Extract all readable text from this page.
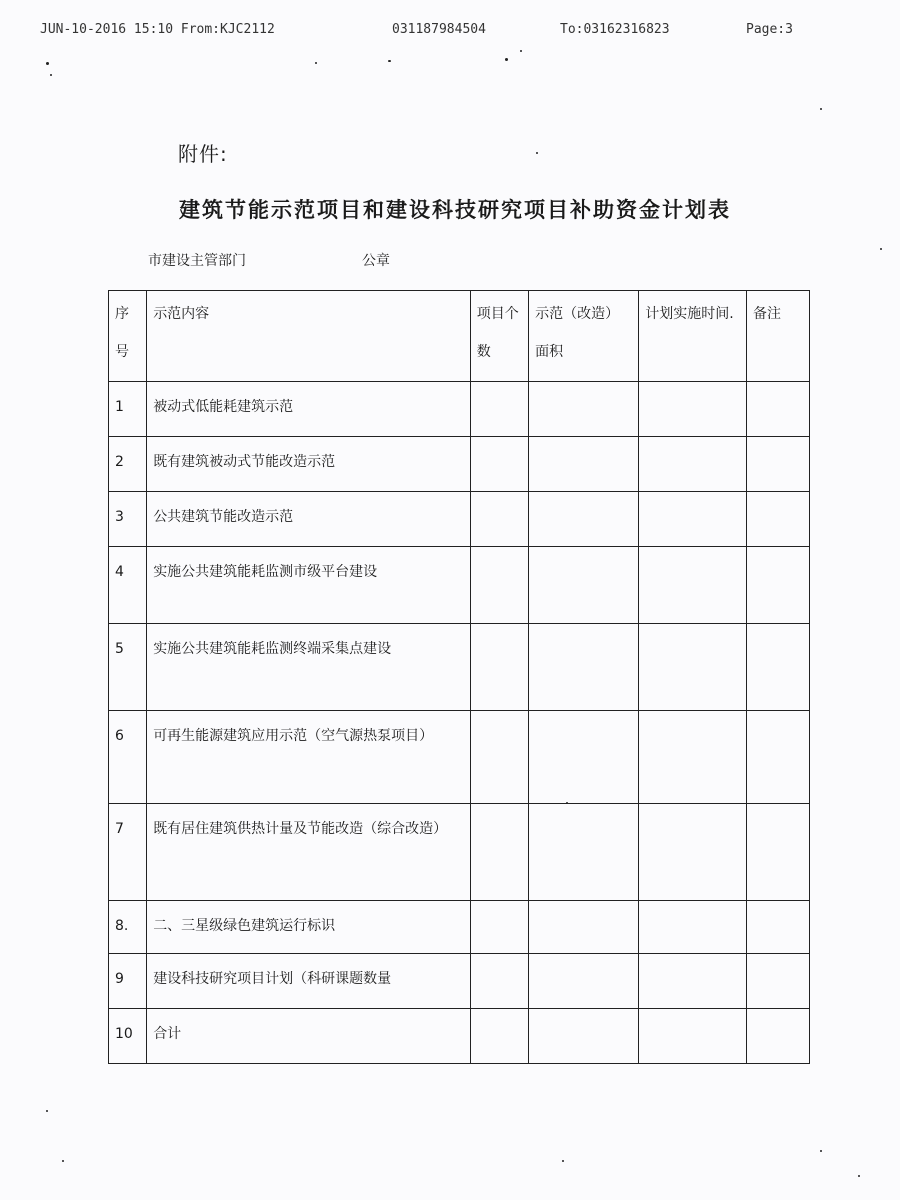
JUN-10-2016 15:10 From:KJC2112	031187984504	To:03162316823	Page:3
附件:
建筑节能示范项目和建设科技研究项目补助资金计划表
市建设主管部门	公章
序号	示范内容	项目个数	示范（改造）面积	计划实施时间.	备注
1	被动式低能耗建筑示范				
2	既有建筑被动式节能改造示范				
3	公共建筑节能改造示范				
4	实施公共建筑能耗监测市级平台建设				
5	实施公共建筑能耗监测终端采集点建设				
6	可再生能源建筑应用示范（空气源热泵项目）				
7	既有居住建筑供热计量及节能改造（综合改造）				
8.	二、三星级绿色建筑运行标识				
9	建设科技研究项目计划（科研课题数量				
10	合计				
